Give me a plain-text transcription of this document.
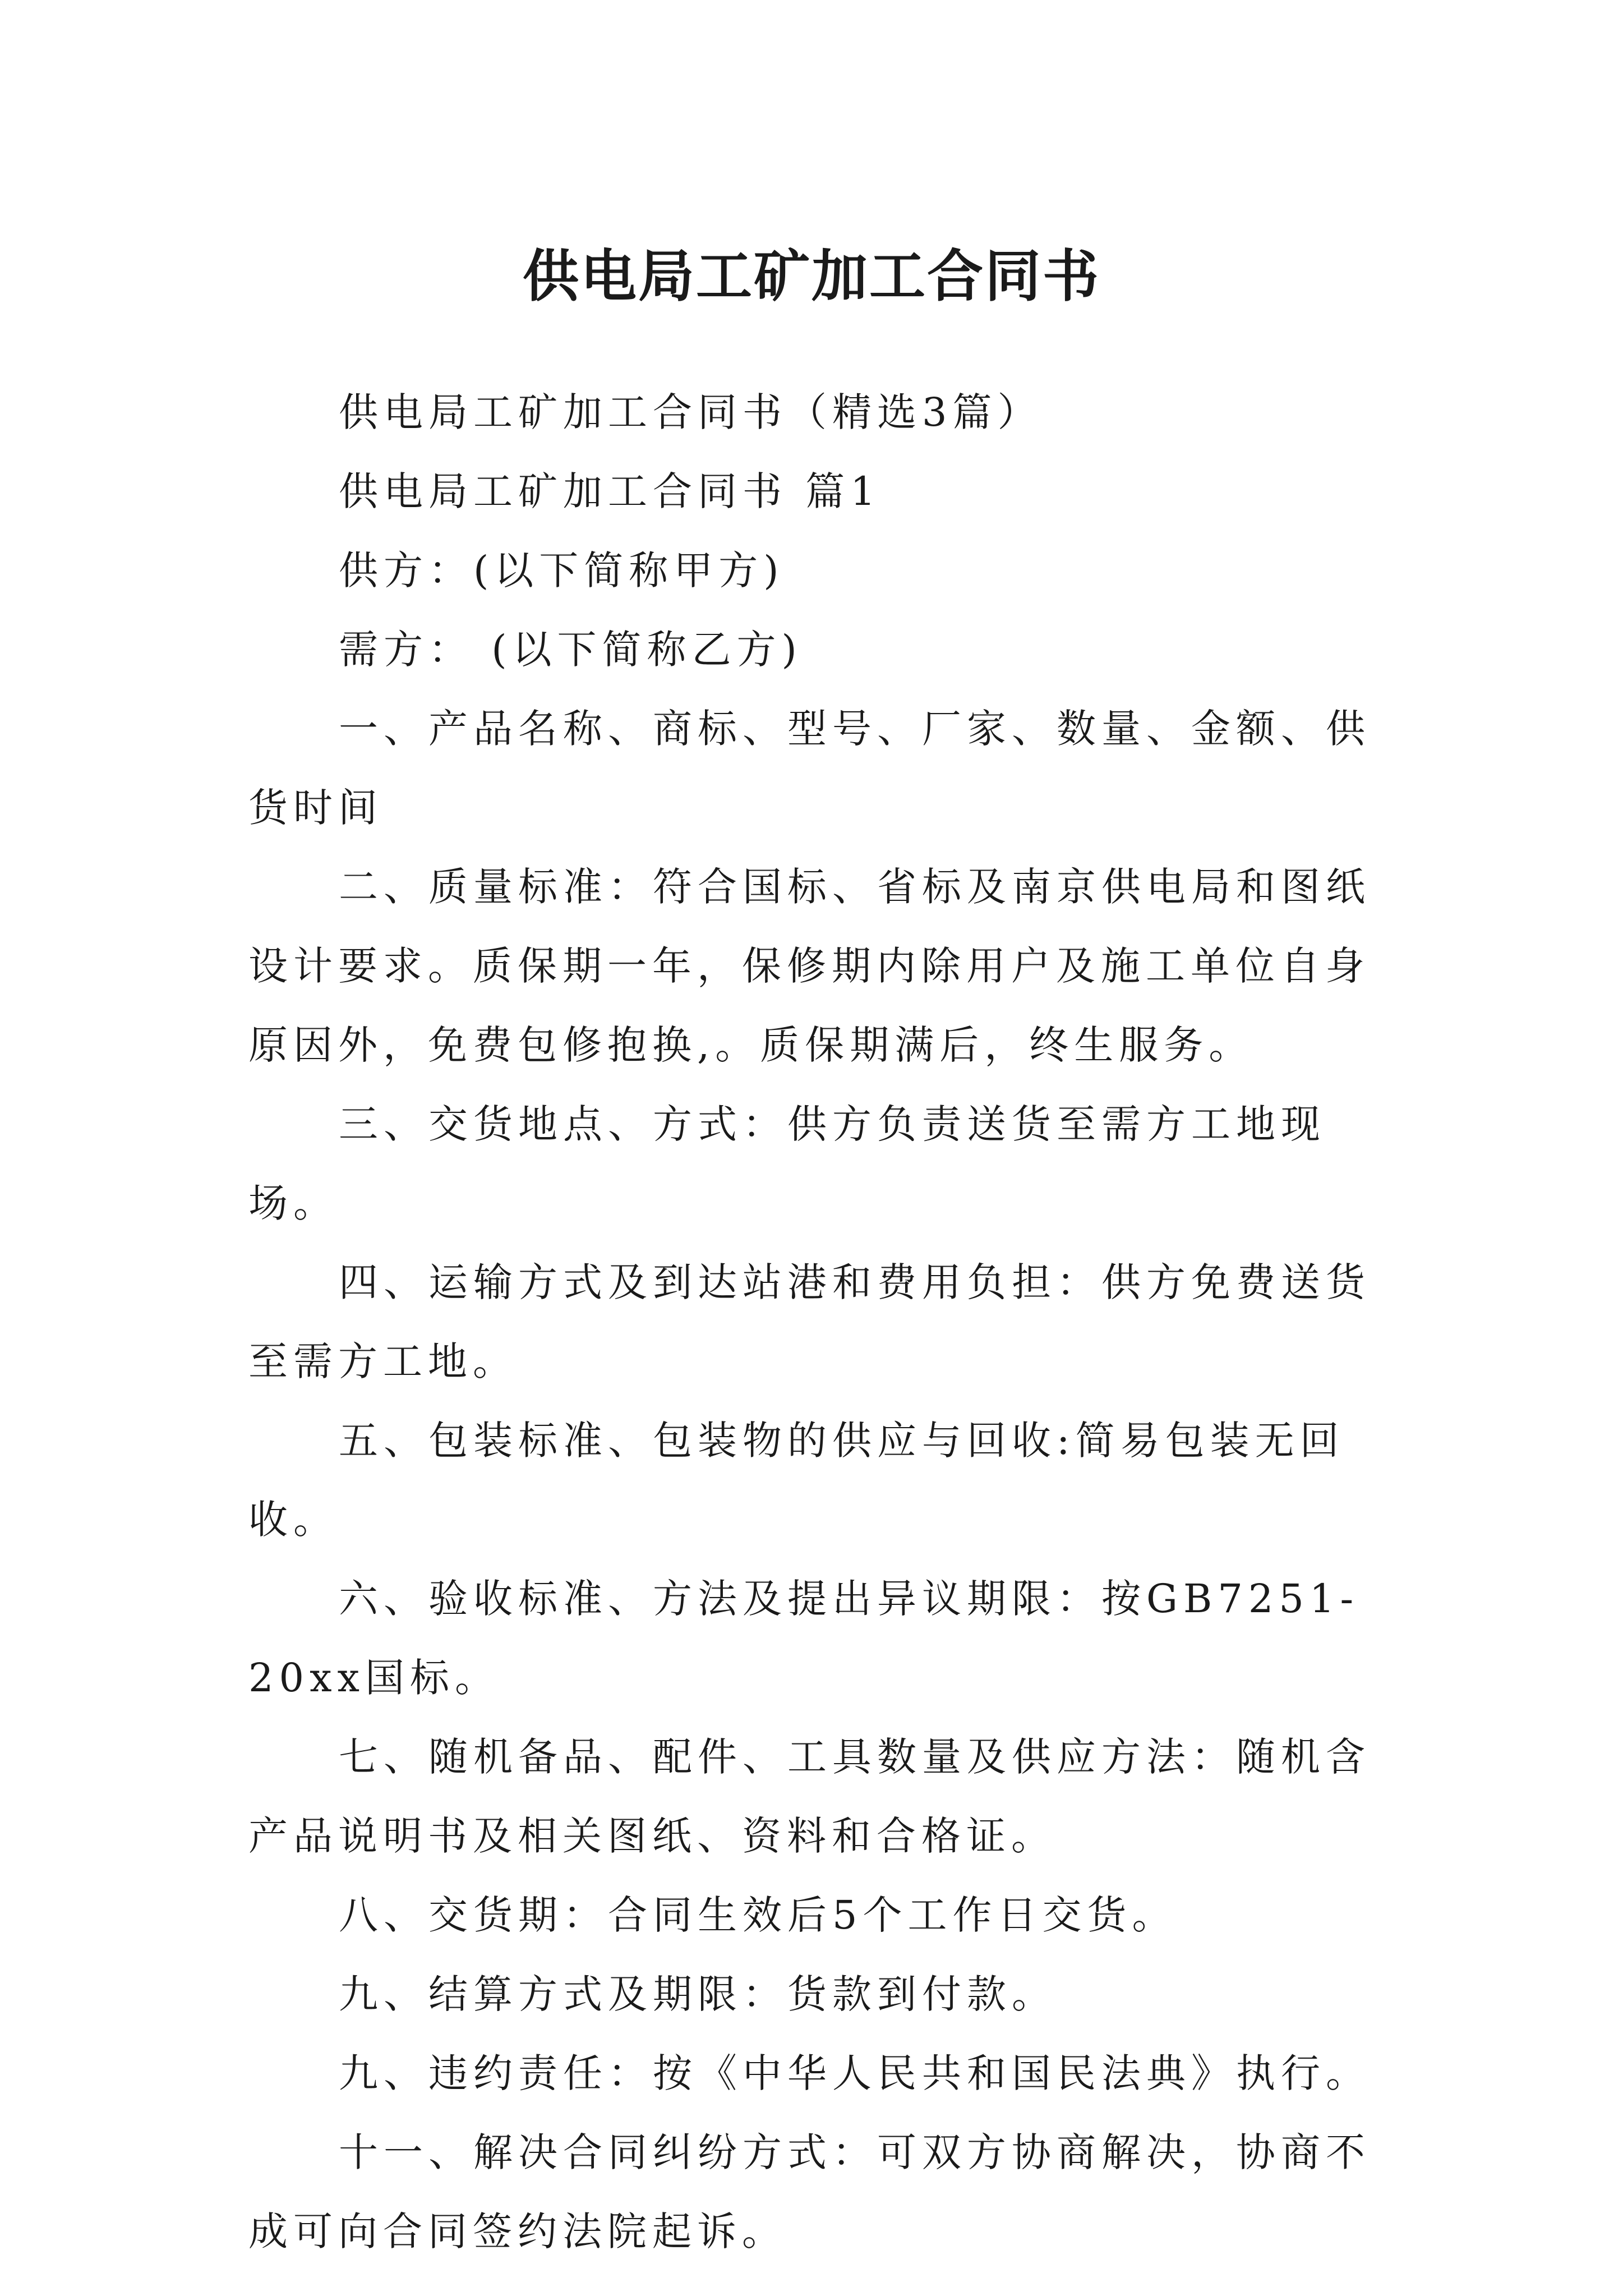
供电局工矿加工合同书

供电局工矿加工合同书（精选3篇）

供电局工矿加工合同书 篇1

供方：(以下简称甲方)

需方： (以下简称乙方)

一、产品名称、商标、型号、厂家、数量、金额、供货时间

二、质量标准：符合国标、省标及南京供电局和图纸设计要求。质保期一年，保修期内除用户及施工单位自身原因外，免费包修抱换,。质保期满后，终生服务。

三、交货地点、方式：供方负责送货至需方工地现场。

四、运输方式及到达站港和费用负担：供方免费送货至需方工地。

五、包装标准、包装物的供应与回收:简易包装无回收。

六、验收标准、方法及提出异议期限：按GB7251-20xx国标。

七、随机备品、配件、工具数量及供应方法：随机含产品说明书及相关图纸、资料和合格证。

八、交货期：合同生效后5个工作日交货。

九、结算方式及期限：货款到付款。

九、违约责任：按《中华人民共和国民法典》执行。

十一、解决合同纠纷方式：可双方协商解决，协商不成可向合同签约法院起诉。
